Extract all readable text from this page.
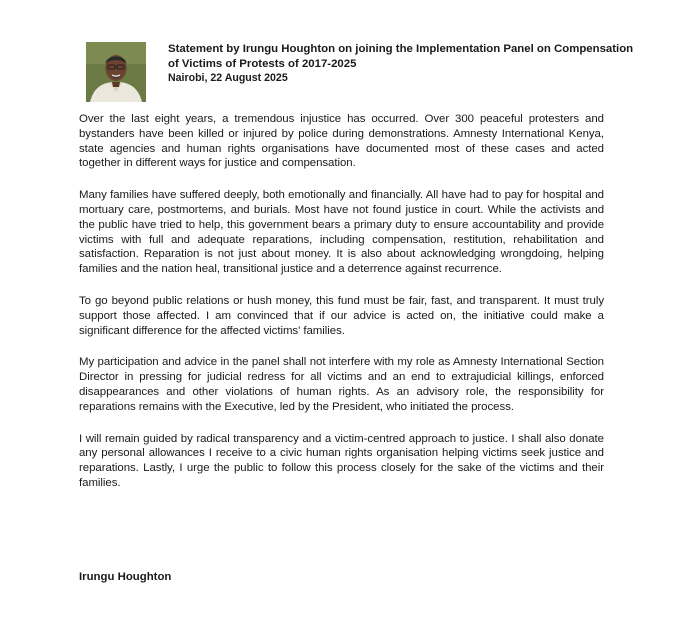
Statement by Irungu Houghton on joining the Implementation Panel on Compensation of Victims of Protests of 2017-2025

Nairobi, 22 August 2025

Over the last eight years, a tremendous injustice has occurred. Over 300 peaceful protesters and bystanders have been killed or injured by police during demonstrations. Amnesty International Kenya, state agencies and human rights organisations have documented most of these cases and acted together in different ways for justice and compensation.

Many families have suffered deeply, both emotionally and financially. All have had to pay for hospital and mortuary care, postmortems, and burials. Most have not found justice in court. While the activists and the public have tried to help, this government bears a primary duty to ensure accountability and provide victims with full and adequate reparations, including compensation, restitution, rehabilitation and satisfaction. Reparation is not just about money. It is also about acknowledging wrongdoing, helping families and the nation heal, transitional justice and a deterrence against recurrence.

To go beyond public relations or hush money, this fund must be fair, fast, and transparent. It must truly support those affected. I am convinced that if our advice is acted on, the initiative could make a significant difference for the affected victims' families.

My participation and advice in the panel shall not interfere with my role as Amnesty International Section Director in pressing for judicial redress for all victims and an end to extrajudicial killings, enforced disappearances and other violations of human rights. As an advisory role, the responsibility for reparations remains with the Executive, led by the President, who initiated the process.

I will remain guided by radical transparency and a victim-centred approach to justice. I shall also donate any personal allowances I receive to a civic human rights organisation helping victims seek justice and reparations. Lastly, I urge the public to follow this process closely for the sake of the victims and their families.

Irungu Houghton
